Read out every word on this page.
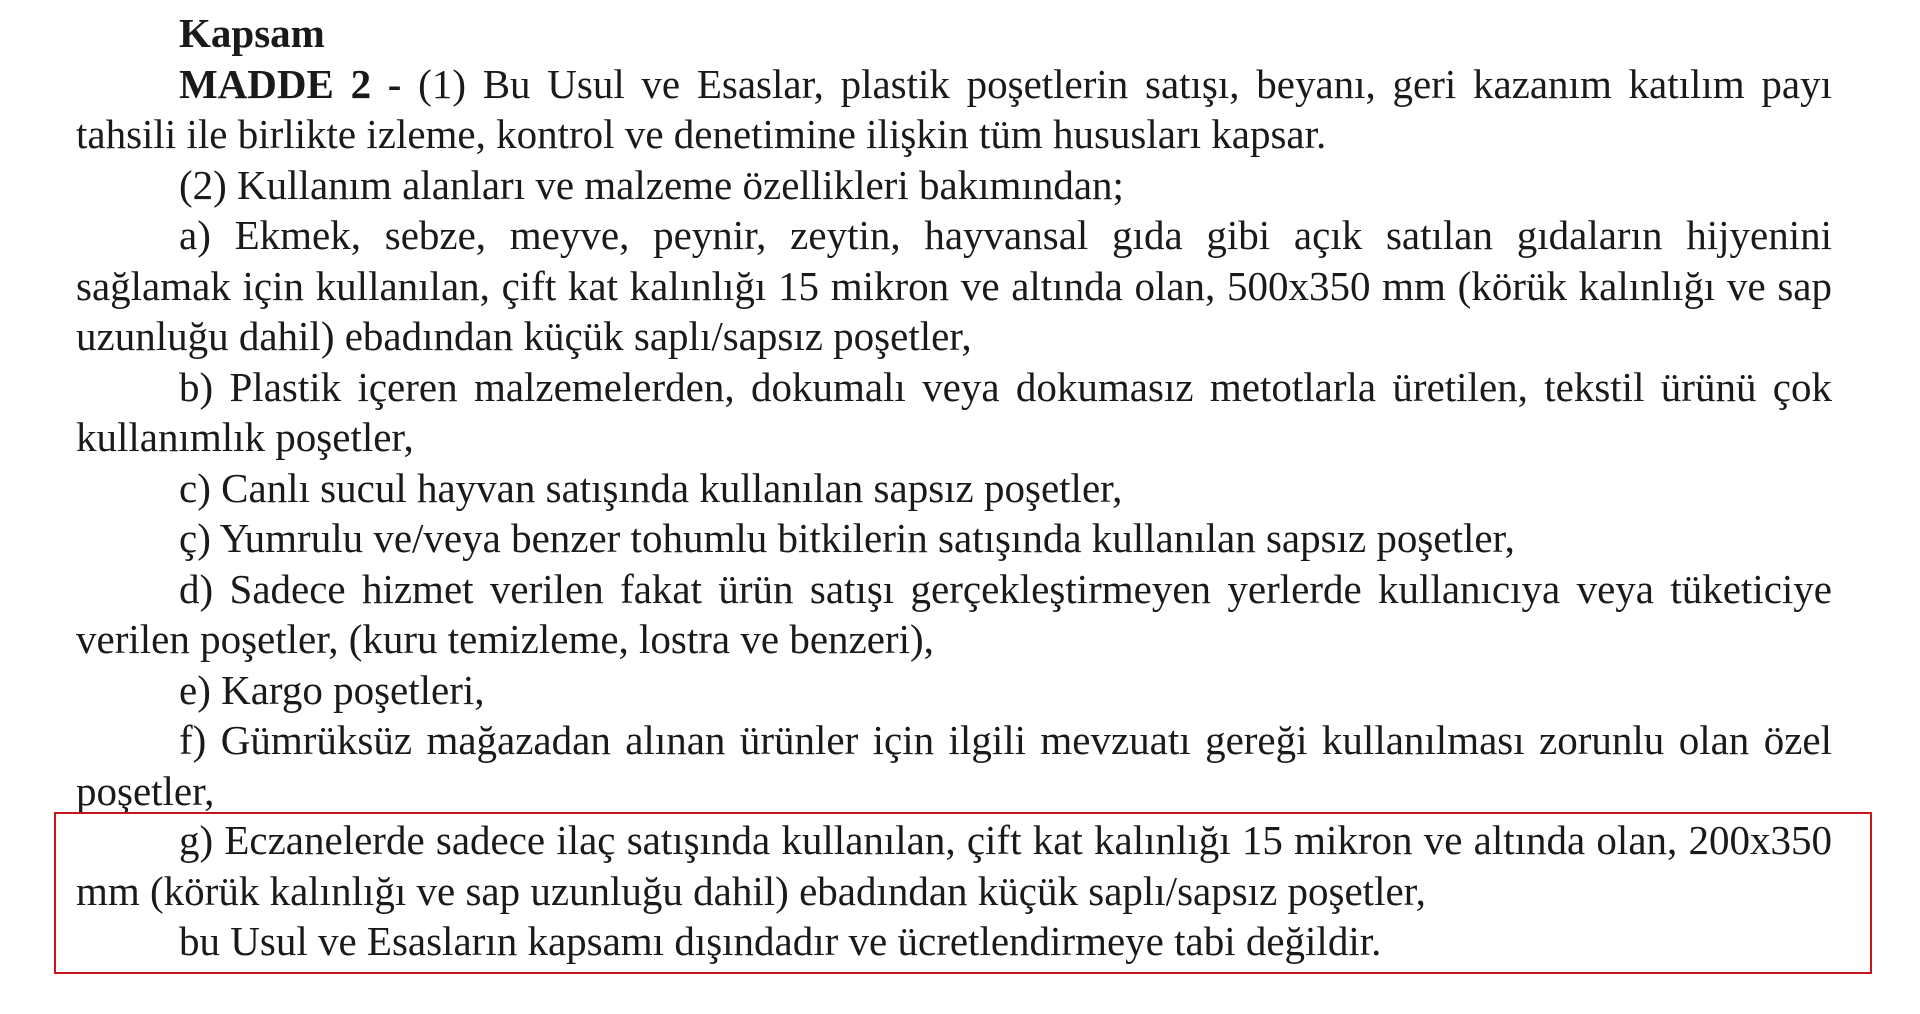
Kapsam

MADDE 2 - (1) Bu Usul ve Esaslar, plastik poşetlerin satışı, beyanı, geri kazanım katılım payı tahsili ile birlikte izleme, kontrol ve denetimine ilişkin tüm hususları kapsar.

(2) Kullanım alanları ve malzeme özellikleri bakımından;

a) Ekmek, sebze, meyve, peynir, zeytin, hayvansal gıda gibi açık satılan gıdaların hijyenini sağlamak için kullanılan, çift kat kalınlığı 15 mikron ve altında olan, 500x350 mm (körük kalınlığı ve sap uzunluğu dahil) ebadından küçük saplı/sapsız poşetler,

b) Plastik içeren malzemelerden, dokumalı veya dokumasız metotlarla üretilen, tekstil ürünü çok kullanımlık poşetler,

c) Canlı sucul hayvan satışında kullanılan sapsız poşetler,

ç) Yumrulu ve/veya benzer tohumlu bitkilerin satışında kullanılan sapsız poşetler,

d) Sadece hizmet verilen fakat ürün satışı gerçekleştirmeyen yerlerde kullanıcıya veya tüketiciye verilen poşetler, (kuru temizleme, lostra ve benzeri),

e) Kargo poşetleri,

f) Gümrüksüz mağazadan alınan ürünler için ilgili mevzuatı gereği kullanılması zorunlu olan özel poşetler,

g) Eczanelerde sadece ilaç satışında kullanılan, çift kat kalınlığı 15 mikron ve altında olan, 200x350 mm (körük kalınlığı ve sap uzunluğu dahil) ebadından küçük saplı/sapsız poşetler,

bu Usul ve Esasların kapsamı dışındadır ve ücretlendirmeye tabi değildir.
